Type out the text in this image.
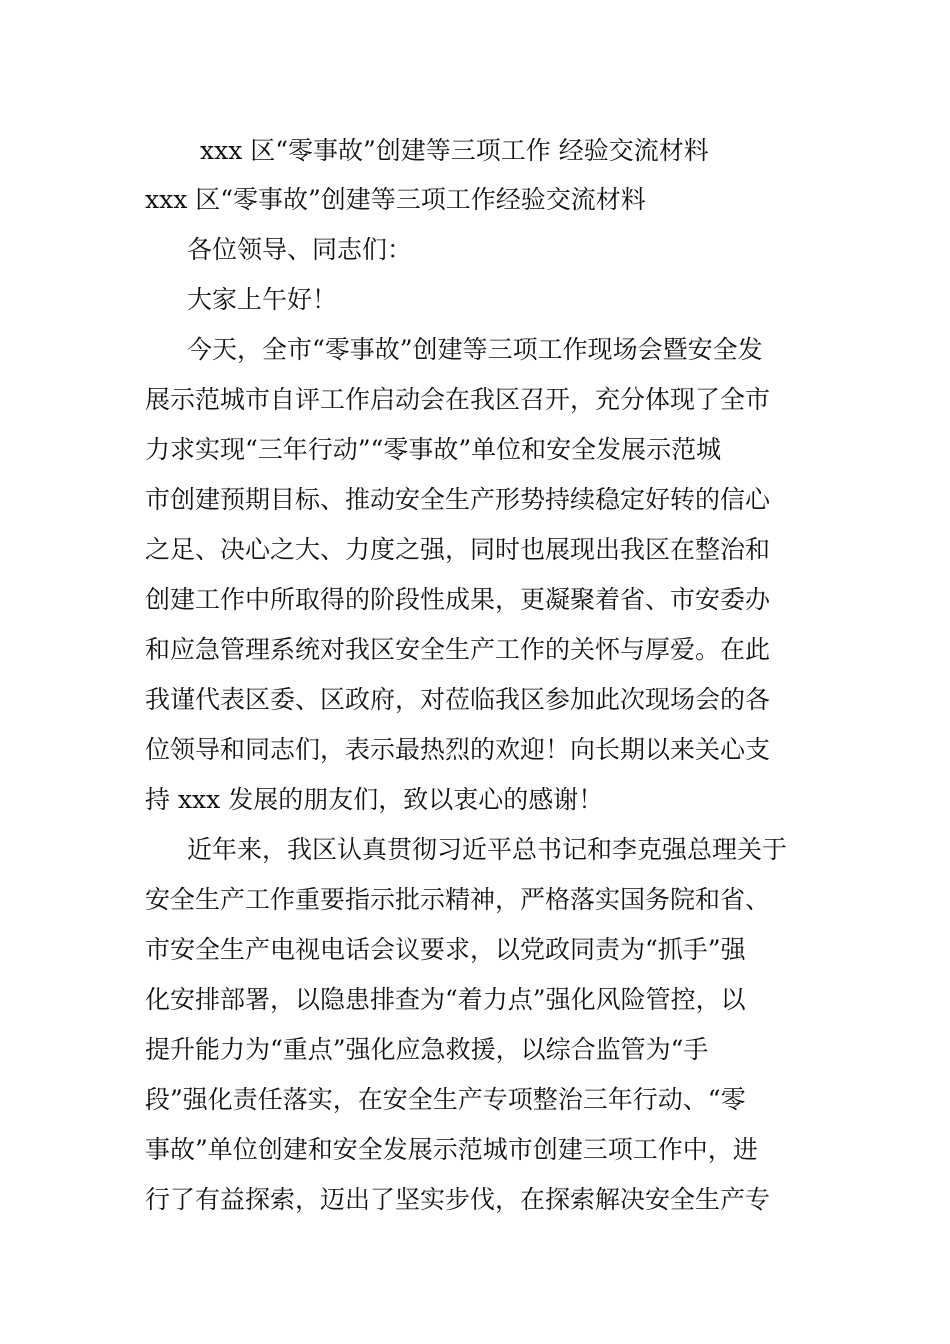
xxx 区“零事故”创建等三项工作 经验交流材料
xxx 区“零事故”创建等三项工作经验交流材料
各位领导、同志们：
大家上午好！
今天，全市“零事故”创建等三项工作现场会暨安全发
展示范城市自评工作启动会在我区召开，充分体现了全市
力求实现“三年行动”“零事故”单位和安全发展示范城
市创建预期目标、推动安全生产形势持续稳定好转的信心
之足、决心之大、力度之强，同时也展现出我区在整治和
创建工作中所取得的阶段性成果，更凝聚着省、市安委办
和应急管理系统对我区安全生产工作的关怀与厚爱。在此
我谨代表区委、区政府，对莅临我区参加此次现场会的各
位领导和同志们，表示最热烈的欢迎！向长期以来关心支
持 xxx 发展的朋友们，致以衷心的感谢！
近年来，我区认真贯彻习近平总书记和李克强总理关于
安全生产工作重要指示批示精神，严格落实国务院和省、
市安全生产电视电话会议要求，以党政同责为“抓手”强
化安排部署，以隐患排查为“着力点”强化风险管控，以
提升能力为“重点”强化应急救援，以综合监管为“手
段”强化责任落实，在安全生产专项整治三年行动、“零
事故”单位创建和安全发展示范城市创建三项工作中，进
行了有益探索，迈出了坚实步伐，在探索解决安全生产专
